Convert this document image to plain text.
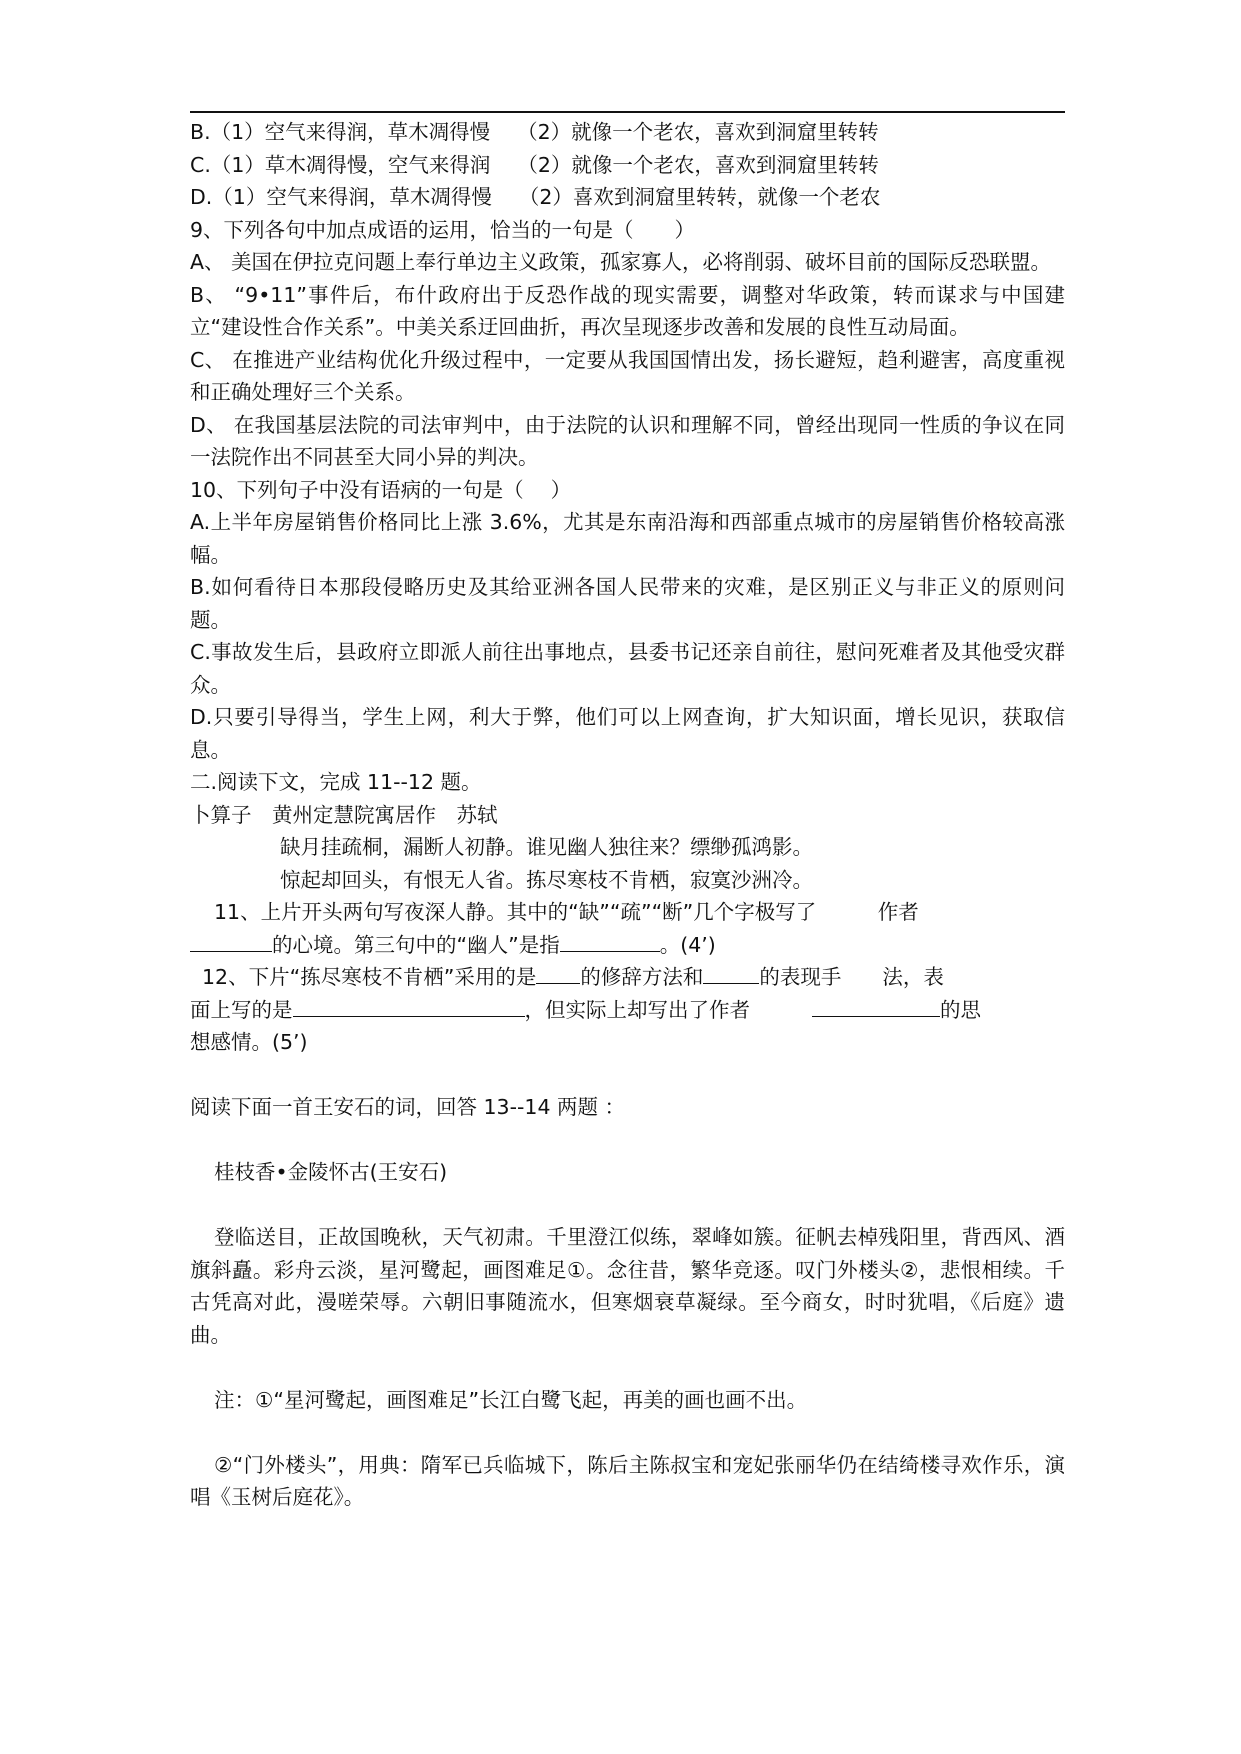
B.（1）空气来得润，草木凋得慢　 （2）就像一个老农，喜欢到洞窟里转转
C.（1）草木凋得慢，空气来得润　 （2）就像一个老农，喜欢到洞窟里转转
D.（1）空气来得润，草木凋得慢　 （2）喜欢到洞窟里转转，就像一个老农
9、下列各句中加点成语的运用，恰当的一句是（　　）
A、 美国在伊拉克问题上奉行单边主义政策，孤家寡人，必将削弱、破坏目前的国际反恐联盟。
B、 “9•11”事件后，布什政府出于反恐作战的现实需要，调整对华政策，转而谋求与中国建立“建设性合作关系”。中美关系迂回曲折，再次呈现逐步改善和发展的良性互动局面。
C、 在推进产业结构优化升级过程中，一定要从我国国情出发，扬长避短，趋利避害，高度重视和正确处理好三个关系。
D、 在我国基层法院的司法审判中，由于法院的认识和理解不同，曾经出现同一性质的争议在同一法院作出不同甚至大同小异的判决。
10、下列句子中没有语病的一句是（　 ）
A.上半年房屋销售价格同比上涨 3.6%，尤其是东南沿海和西部重点城市的房屋销售价格较高涨幅。
B.如何看待日本那段侵略历史及其给亚洲各国人民带来的灾难，是区别正义与非正义的原则问题。
C.事故发生后，县政府立即派人前往出事地点，县委书记还亲自前往，慰问死难者及其他受灾群众。
D.只要引导得当，学生上网，利大于弊，他们可以上网查询，扩大知识面，增长见识，获取信息。
二.阅读下文，完成 11--12 题。
卜算子　黄州定慧院寓居作　苏轼
缺月挂疏桐，漏断人初静。谁见幽人独往来？缥缈孤鸿影。
惊起却回头，有恨无人省。拣尽寒枝不肯栖，寂寞沙洲冷。
11、上片开头两句写夜深人静。其中的“缺”“疏”“断”几个字极写了　　　作者
的心境。第三句中的“幽人”是指	。(4’)
12、下片“拣尽寒枝不肯栖”采用的是 的修辞方法和	的表现手　　法，表
面上写的是	，但实际上却写出了作者	的思
想感情。(5’)
阅读下面一首王安石的词，回答 13--14 两题 ：
桂枝香•金陵怀古(王安石)
登临送目，正故国晚秋，天气初肃。千里澄江似练，翠峰如簇。征帆去棹残阳里，背西风、酒旗斜矗。彩舟云淡，星河鹭起，画图难足①。念往昔，繁华竞逐。叹门外楼头②，悲恨相续。千古凭高对此，漫嗟荣辱。六朝旧事随流水，但寒烟衰草凝绿。至今商女，时时犹唱，《后庭》遗曲。
注：①“星河鹭起，画图难足”长江白鹭飞起，再美的画也画不出。
②“门外楼头”，用典：隋军已兵临城下，陈后主陈叔宝和宠妃张丽华仍在结绮楼寻欢作乐，演唱《玉树后庭花》。
